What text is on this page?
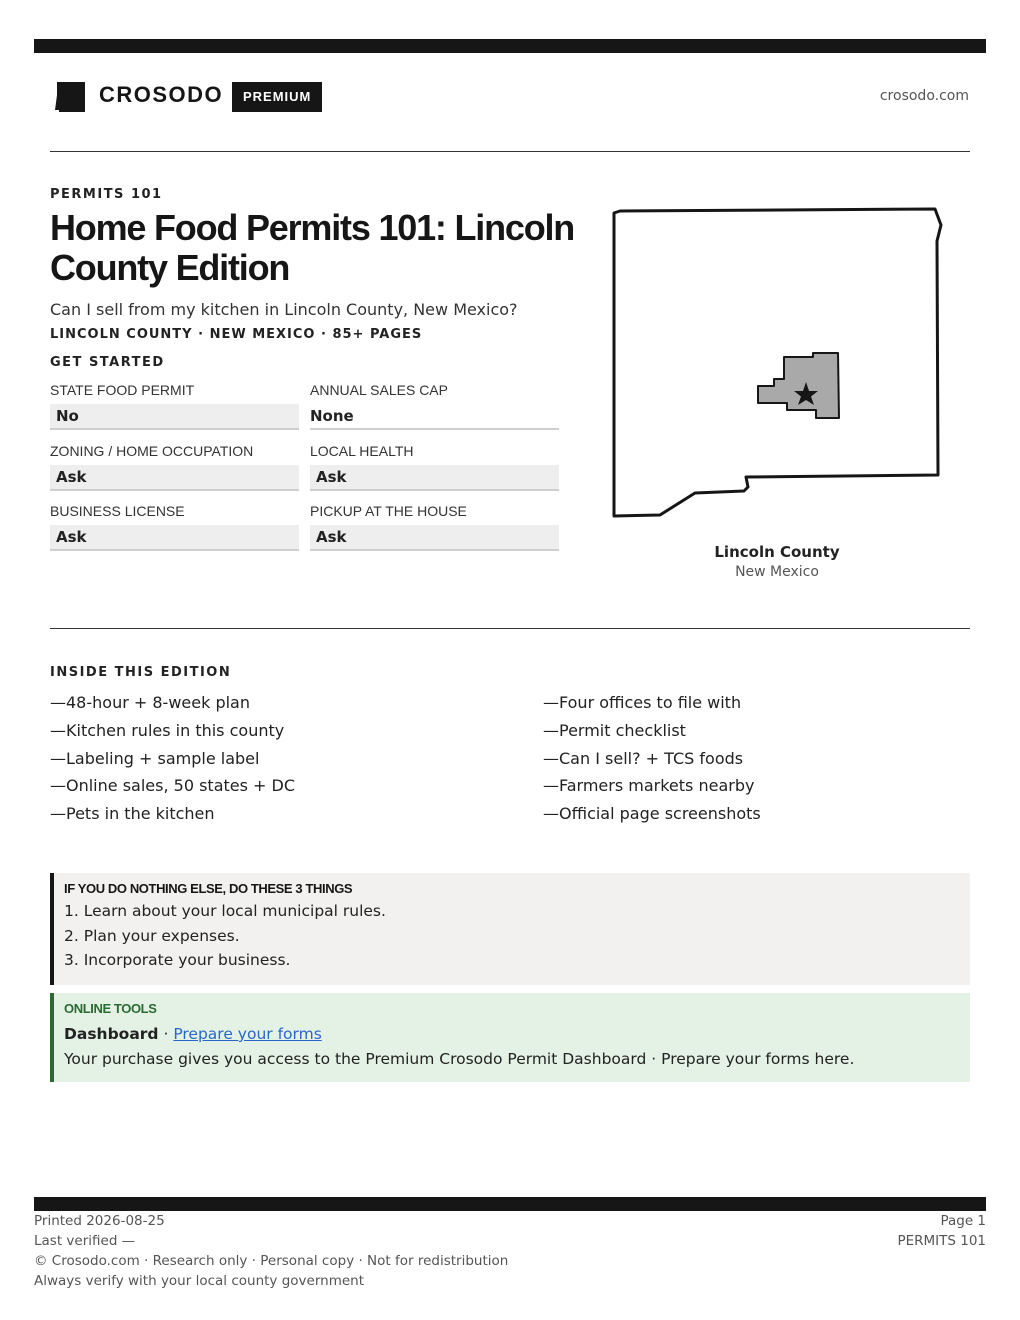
CROSODO	PREMIUM	crosodo.com
PERMITS 101
Home Food Permits 101: Lincoln County Edition
Can I sell from my kitchen in Lincoln County, New Mexico?
LINCOLN COUNTY · NEW MEXICO · 85+ PAGES
GET STARTED
STATE FOOD PERMIT
No
ANNUAL SALES CAP
None
ZONING / HOME OCCUPATION
Ask
LOCAL HEALTH
Ask
BUSINESS LICENSE
Ask
PICKUP AT THE HOUSE
Ask
Lincoln County
New Mexico
INSIDE THIS EDITION
—48-hour + 8-week plan
—Kitchen rules in this county
—Labeling + sample label
—Online sales, 50 states + DC
—Pets in the kitchen
—Four offices to file with
—Permit checklist
—Can I sell? + TCS foods
—Farmers markets nearby
—Official page screenshots
IF YOU DO NOTHING ELSE, DO THESE 3 THINGS
1. Learn about your local municipal rules.
2. Plan your expenses.
3. Incorporate your business.
ONLINE TOOLS
Dashboard · Prepare your forms
Your purchase gives you access to the Premium Crosodo Permit Dashboard · Prepare your forms here.
Printed 2026-08-25
Last verified —
© Crosodo.com · Research only · Personal copy · Not for redistribution
Always verify with your local county government
Page 1
PERMITS 101
